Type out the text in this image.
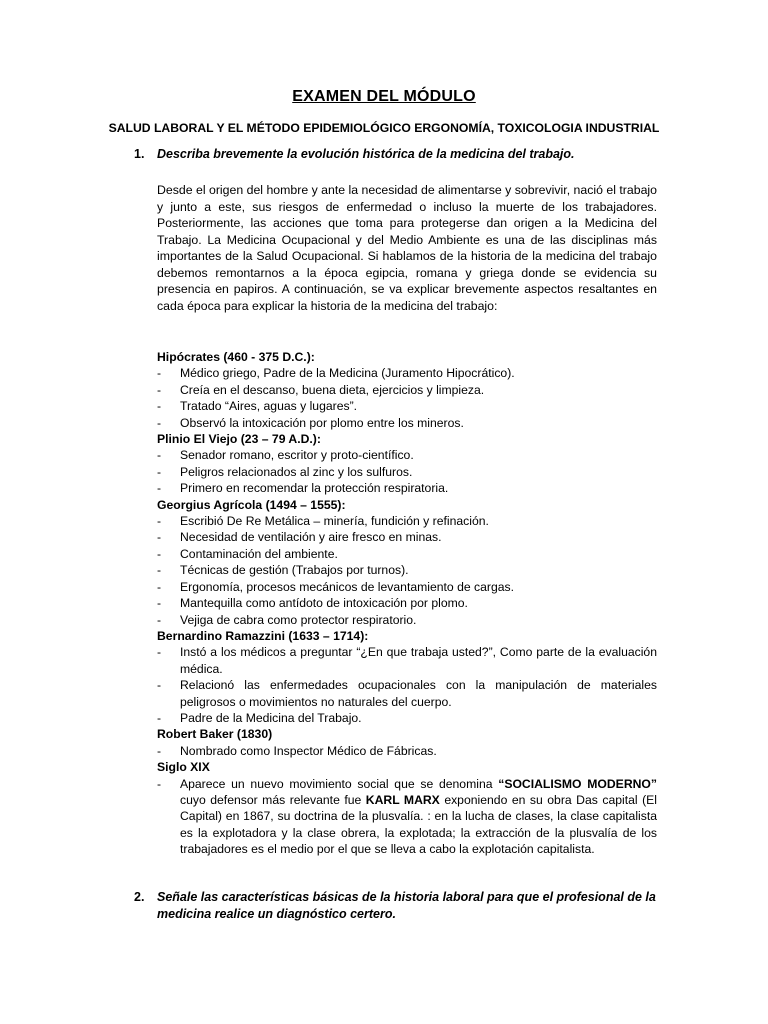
EXAMEN DEL MÓDULO
SALUD LABORAL Y EL MÉTODO EPIDEMIOLÓGICO ERGONOMÍA, TOXICOLOGIA INDUSTRIAL
1.	Describa brevemente la evolución histórica de la medicina del trabajo.
Desde el origen del hombre y ante la necesidad de alimentarse y sobrevivir, nació el trabajo y junto a este, sus riesgos de enfermedad o incluso la muerte de los trabajadores. Posteriormente, las acciones que toma para protegerse dan origen a la Medicina del Trabajo. La Medicina Ocupacional y del Medio Ambiente es una de las disciplinas más importantes de la Salud Ocupacional. Si hablamos de la historia de la medicina del trabajo debemos remontarnos a la época egipcia, romana y griega donde se evidencia su presencia en papiros. A continuación, se va explicar brevemente aspectos resaltantes en cada época para explicar la historia de la medicina del trabajo:
Hipócrates (460 - 375 D.C.):
- Médico griego, Padre de la Medicina (Juramento Hipocrático).
- Creía en el descanso, buena dieta, ejercicios y limpieza.
- Tratado “Aires, aguas y lugares”.
- Observó la intoxicación por plomo entre los mineros.
Plinio El Viejo (23 – 79 A.D.):
- Senador romano, escritor y proto-científico.
- Peligros relacionados al zinc y los sulfuros.
- Primero en recomendar la protección respiratoria.
Georgius Agrícola (1494 – 1555):
- Escribió De Re Metálica – minería, fundición y refinación.
- Necesidad de ventilación y aire fresco en minas.
- Contaminación del ambiente.
- Técnicas de gestión (Trabajos por turnos).
- Ergonomía, procesos mecánicos de levantamiento de cargas.
- Mantequilla como antídoto de intoxicación por plomo.
- Vejiga de cabra como protector respiratorio.
Bernardino Ramazzini (1633 – 1714):
- Instó a los médicos a preguntar “¿En que trabaja usted?”, Como parte de la evaluación médica.
- Relacionó las enfermedades ocupacionales con la manipulación de materiales peligrosos o movimientos no naturales del cuerpo.
- Padre de la Medicina del Trabajo.
Robert Baker (1830)
- Nombrado como Inspector Médico de Fábricas.
Siglo XIX
- Aparece un nuevo movimiento social que se denomina “SOCIALISMO MODERNO” cuyo defensor más relevante fue KARL MARX exponiendo en su obra Das capital (El Capital) en 1867, su doctrina de la plusvalía. : en la lucha de clases, la clase capitalista es la explotadora y la clase obrera, la explotada; la extracción de la plusvalía de los trabajadores es el medio por el que se lleva a cabo la explotación capitalista.
2.	Señale las características básicas de la historia laboral para que el profesional de la medicina realice un diagnóstico certero.
